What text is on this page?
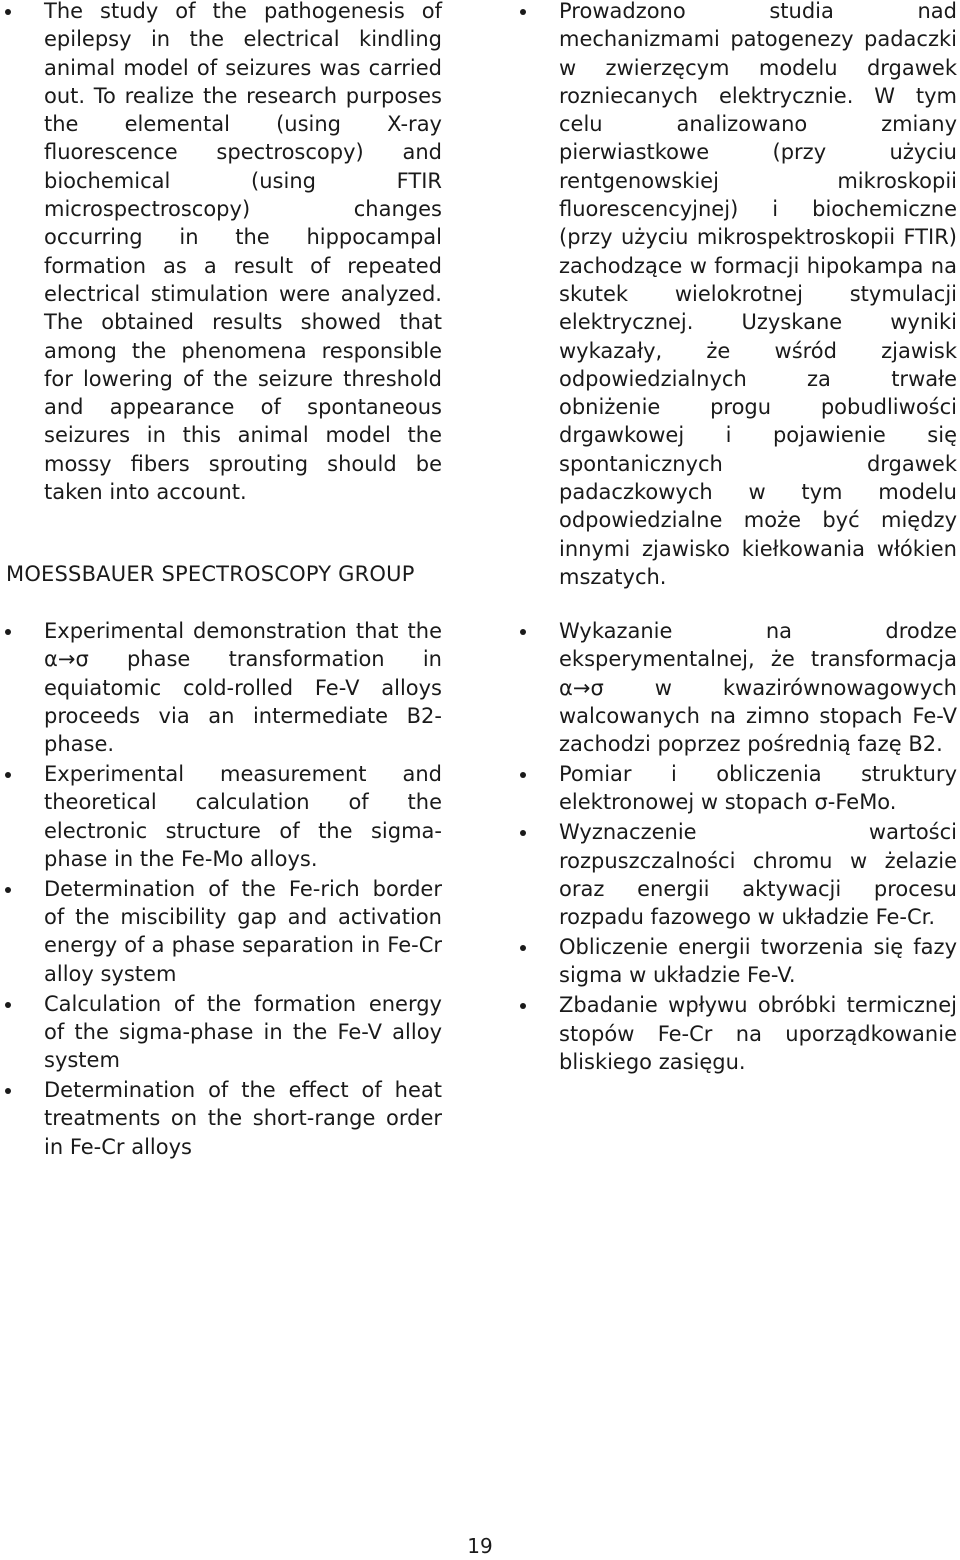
The study of the pathogenesis of epilepsy in the electrical kindling animal model of seizures was carried out. To realize the research purposes the elemental (using X-ray fluorescence spectroscopy) and biochemical (using FTIR microspectroscopy) changes occurring in the hippocampal formation as a result of repeated electrical stimulation were analyzed. The obtained results showed that among the phenomena responsible for lowering of the seizure threshold and appearance of spontaneous seizures in this animal model the mossy fibers sprouting should be taken into account.
Prowadzono studia nad mechanizmami patogenezy padaczki w zwierzęcym modelu drgawek rozniecanych elektrycznie. W tym celu analizowano zmiany pierwiastkowe (przy użyciu rentgenowskiej mikroskopii fluorescencyjnej) i biochemiczne (przy użyciu mikrospektroskopii FTIR) zachodzące w formacji hipokampa na skutek wielokrotnej stymulacji elektrycznej. Uzyskane wyniki wykazały, że wśród zjawisk odpowiedzialnych za trwałe obniżenie progu pobudliwości drgawkowej i pojawienie się spontanicznych drgawek padaczkowych w tym modelu odpowiedzialne może być między innymi zjawisko kiełkowania włókien mszatych.
MOESSBAUER SPECTROSCOPY GROUP
Experimental demonstration that the α→σ phase transformation in equiatomic cold-rolled Fe-V alloys proceeds via an intermediate B2-phase.
Experimental measurement and theoretical calculation of the electronic structure of the sigma-phase in the Fe-Mo alloys.
Determination of the Fe-rich border of the miscibility gap and activation energy of a phase separation in Fe-Cr alloy system
Calculation of the formation energy of the sigma-phase in the Fe-V alloy system
Determination of the effect of heat treatments on the short-range order in Fe-Cr alloys
Wykazanie na drodze eksperymentalnej, że transformacja α→σ w kwazirównowagowych walcowanych na zimno stopach Fe-V zachodzi poprzez pośrednią fazę B2.
Pomiar i obliczenia struktury elektronowej w stopach σ-FeMo.
Wyznaczenie wartości rozpuszczalności chromu w żelazie oraz energii aktywacji procesu rozpadu fazowego w układzie Fe-Cr.
Obliczenie energii tworzenia się fazy sigma w układzie Fe-V.
Zbadanie wpływu obróbki termicznej stopów Fe-Cr na uporządkowanie bliskiego zasięgu.
19
